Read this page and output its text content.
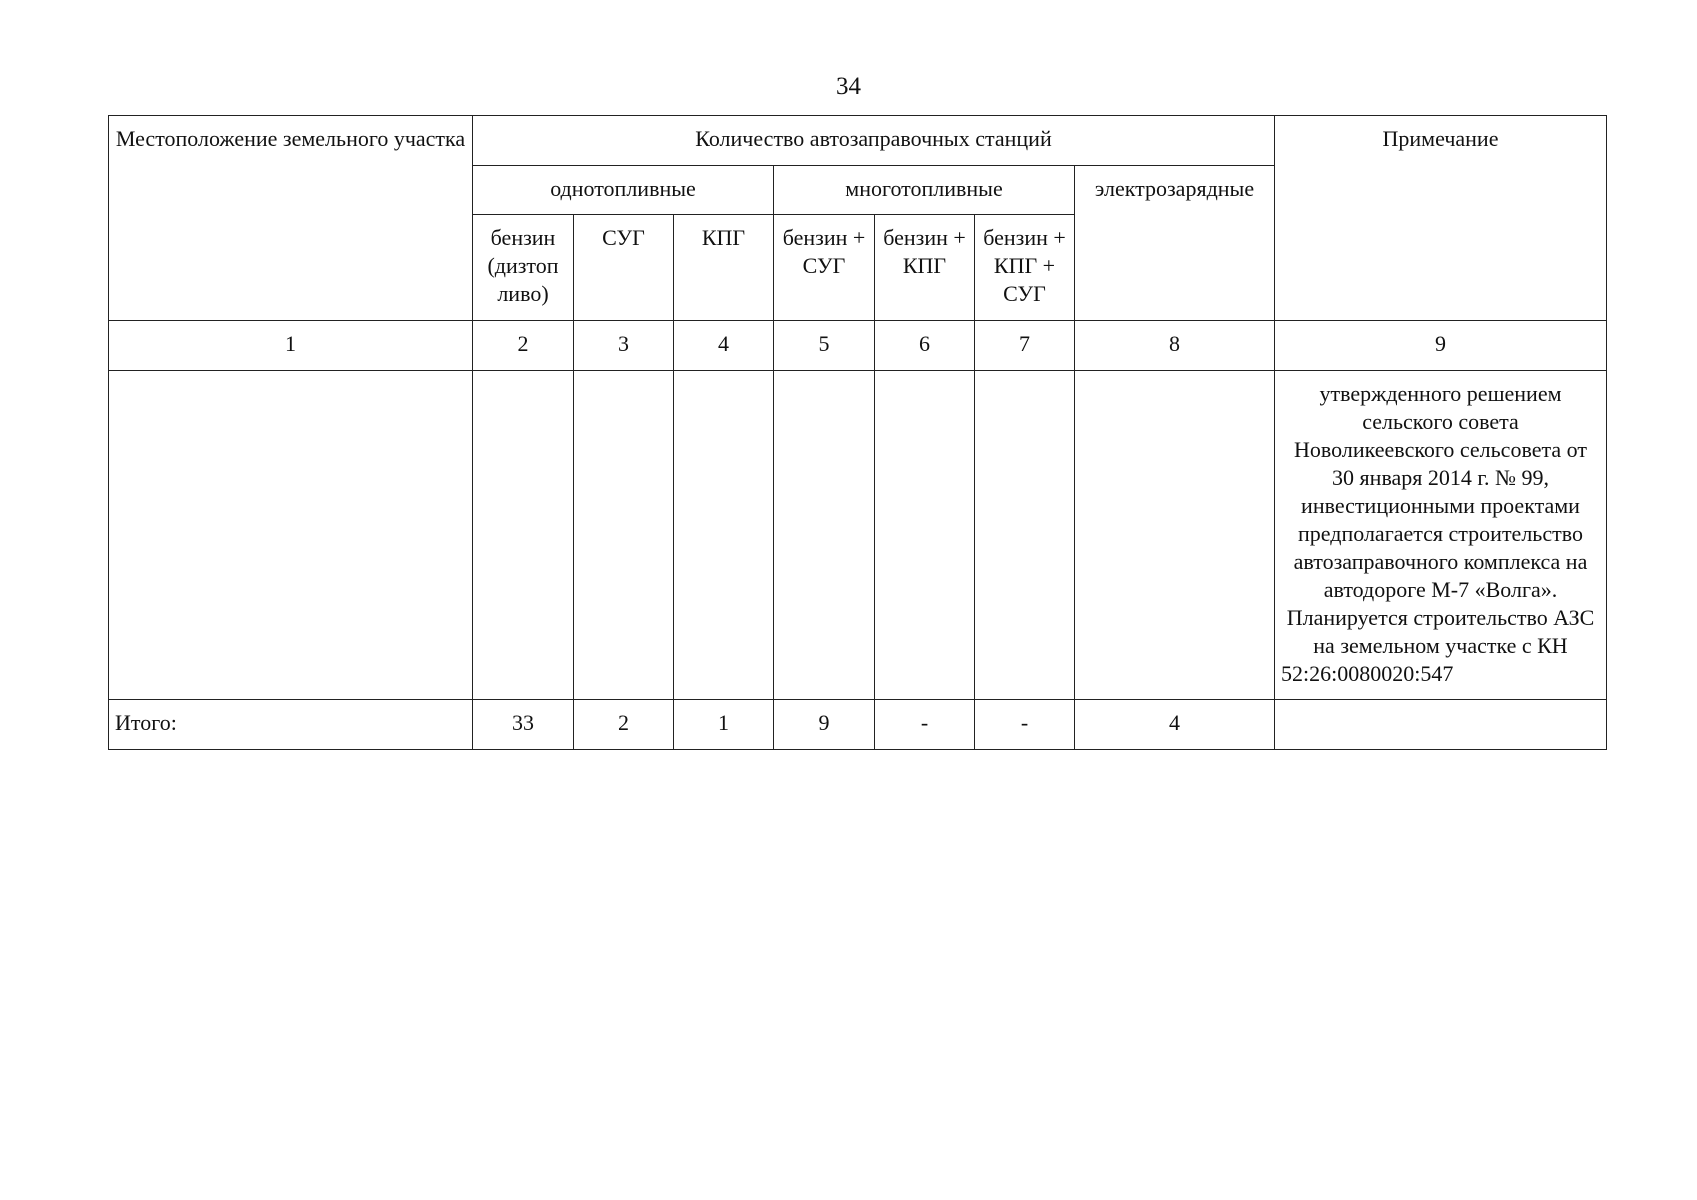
34
Местоположение земельного участка	Количество автозаправочных станций							Примечание
	однотопливные			многотопливные			электрозарядные	
	бензин (дизтоп ливо)	СУГ	КПГ	бензин + СУГ	бензин + КПГ	бензин + КПГ + СУГ		
1	2	3	4	5	6	7	8	9
								утвержденного решением сельского совета Новоликеевского сельсовета от 30 января 2014 г. № 99, инвестиционными проектами предполагается строительство автозаправочного комплекса на автодороге М-7 «Волга». Планируется строительство АЗС на земельном участке с КН 52:26:0080020:547
Итого:	33	2	1	9	-	-	4	
